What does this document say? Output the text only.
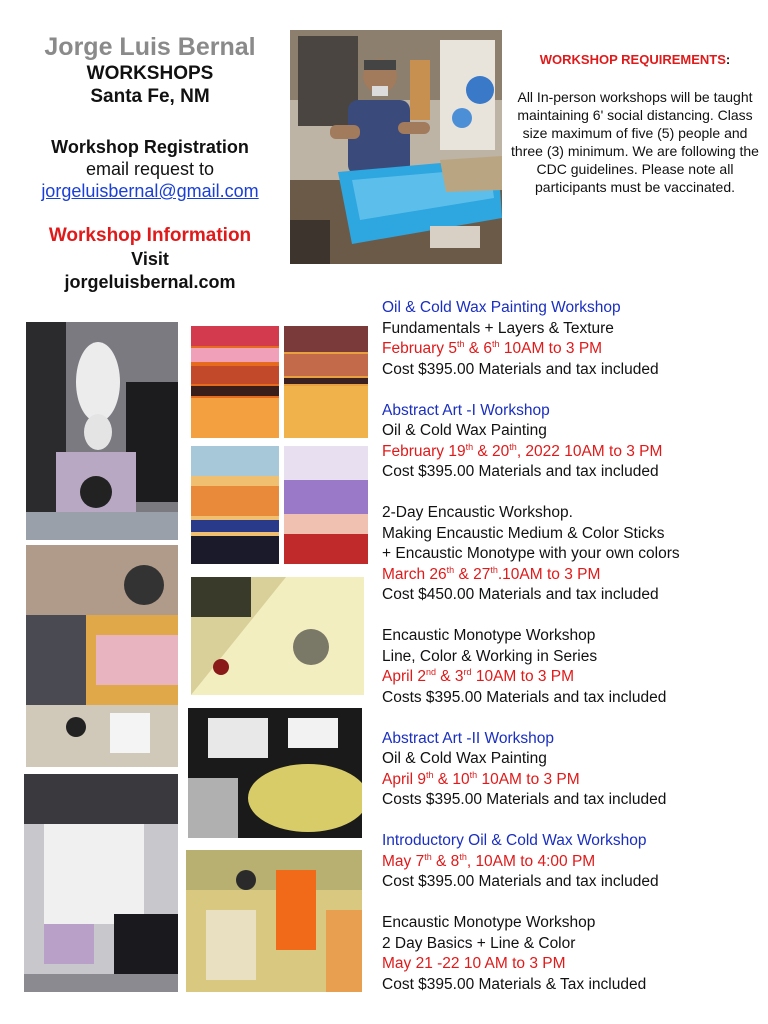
Jorge Luis Bernal
WORKSHOPS
Santa Fe, NM
Workshop Registration
email request to
jorgeluisbernal@gmail.com
Workshop Information
Visit
jorgeluisbernal.com
WORKSHOP REQUIREMENTS:
All In-person workshops will be taught maintaining 6' social distancing. Class size maximum of five (5) people and three (3) minimum. We are following the CDC guidelines. Please note all participants must be vaccinated.
Oil & Cold Wax Painting Workshop
Fundamentals + Layers & Texture
February 5th & 6th 10AM to 3 PM
Cost $395.00 Materials and tax included
Abstract Art -I Workshop
Oil & Cold Wax Painting
February 19th & 20th, 2022 10AM to 3 PM
Cost $395.00 Materials and tax included
2-Day Encaustic Workshop.
Making Encaustic Medium & Color Sticks
+ Encaustic Monotype with your own colors
March 26th & 27th.10AM to 3 PM
Cost $450.00 Materials and tax included
Encaustic Monotype Workshop
Line, Color & Working in Series
April 2nd & 3rd 10AM to 3 PM
Costs $395.00 Materials and tax included
Abstract Art -II Workshop
Oil & Cold Wax Painting
April 9th & 10th 10AM to 3 PM
Costs $395.00 Materials and tax included
Introductory Oil & Cold Wax Workshop
May 7th & 8th, 10AM to 4:00 PM
Cost $395.00 Materials and tax included
Encaustic Monotype Workshop
2 Day Basics + Line & Color
May 21 -22 10 AM to 3 PM
Cost $395.00 Materials & Tax included
